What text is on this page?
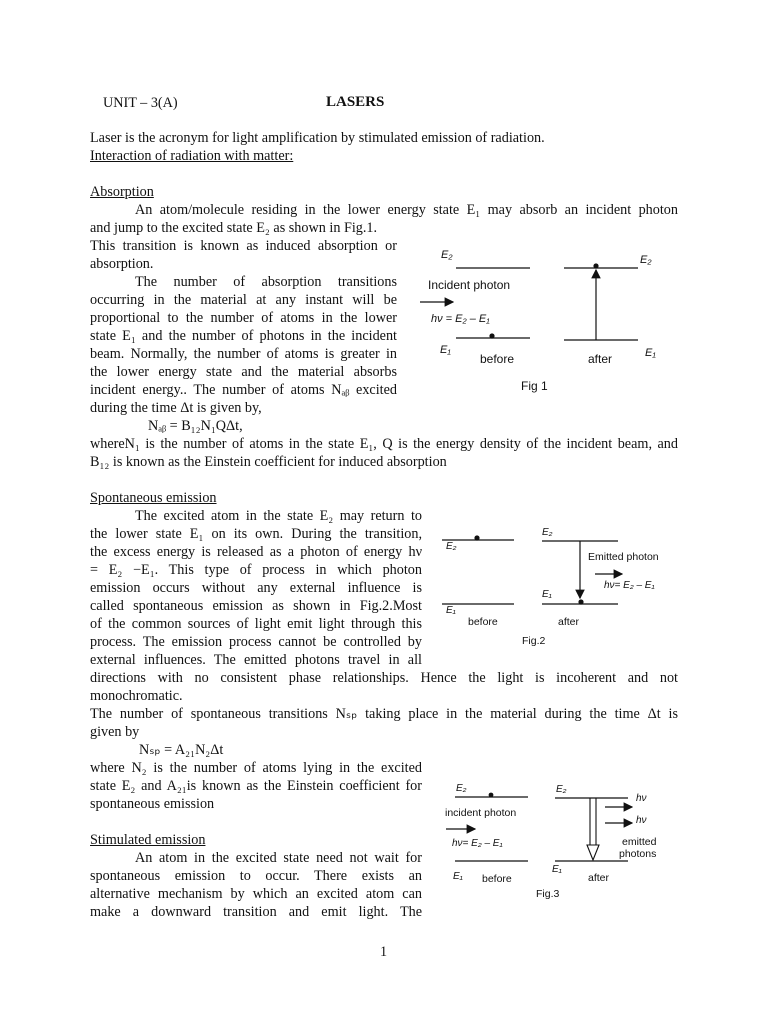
UNIT – 3(A)	LASERS
Laser is the acronym for light amplification by stimulated emission of radiation.
Interaction of radiation with matter:
Absorption
An atom/molecule residing in the lower energy state E₁ may absorb an incident photon
and jump to the excited state E₂ as shown in Fig.1.
This transition is known as induced absorption or
absorption.
The number of absorption transitions
occurring in the material at any instant will be
proportional to the number of atoms in the lower
state E₁ and the number of photons in the incident
beam. Normally, the number of atoms is greater in
the lower energy state and the material absorbs
incident energy.. The number of atoms Nₐᵦ excited
during the time Δt is given by,
Nₐᵦ = B₁₂N₁QΔt,
whereN₁ is the number of atoms in the state E₁, Q is the energy density of the incident beam, and
B₁₂ is known as the Einstein coefficient for induced absorption
Spontaneous emission
The excited atom in the state E₂ may return to
the lower state E₁ on its own. During the transition,
the excess energy is released as a photon of energy hν
= E₂ −E₁. This type of process in which photon
emission occurs without any external influence is
called spontaneous emission as shown in Fig.2.Most
of the common sources of light emit light through this
process. The emission process cannot be controlled by
external influences. The emitted photons travel in all
directions with no consistent phase relationships. Hence the light is incoherent and not
monochromatic.
The number of spontaneous transitions Nₛₚ taking place in the material during the time Δt is
given by
Nₛₚ = A₂₁N₂Δt
where N₂ is the number of atoms lying in the excited
state E₂ and A₂₁is known as the Einstein coefficient for
spontaneous emission
Stimulated emission
An atom in the excited state need not wait for
spontaneous emission to occur. There exists an
alternative mechanism by which an excited atom can
make a downward transition and emit light. The
1
E₂	E₂
Incident photon
hν = E₂ – E₁
E₁
before	after	E₁
Fig 1
E₂
E₂
Emitted photon
hν= E₂ – E₁
E₁
E₁
before	after
Fig.2
E₂	E₂
hν
incident photon
hν
emitted
hν= E₂ – E₁
photons
E₁
E₁ before	after
Fig.3
